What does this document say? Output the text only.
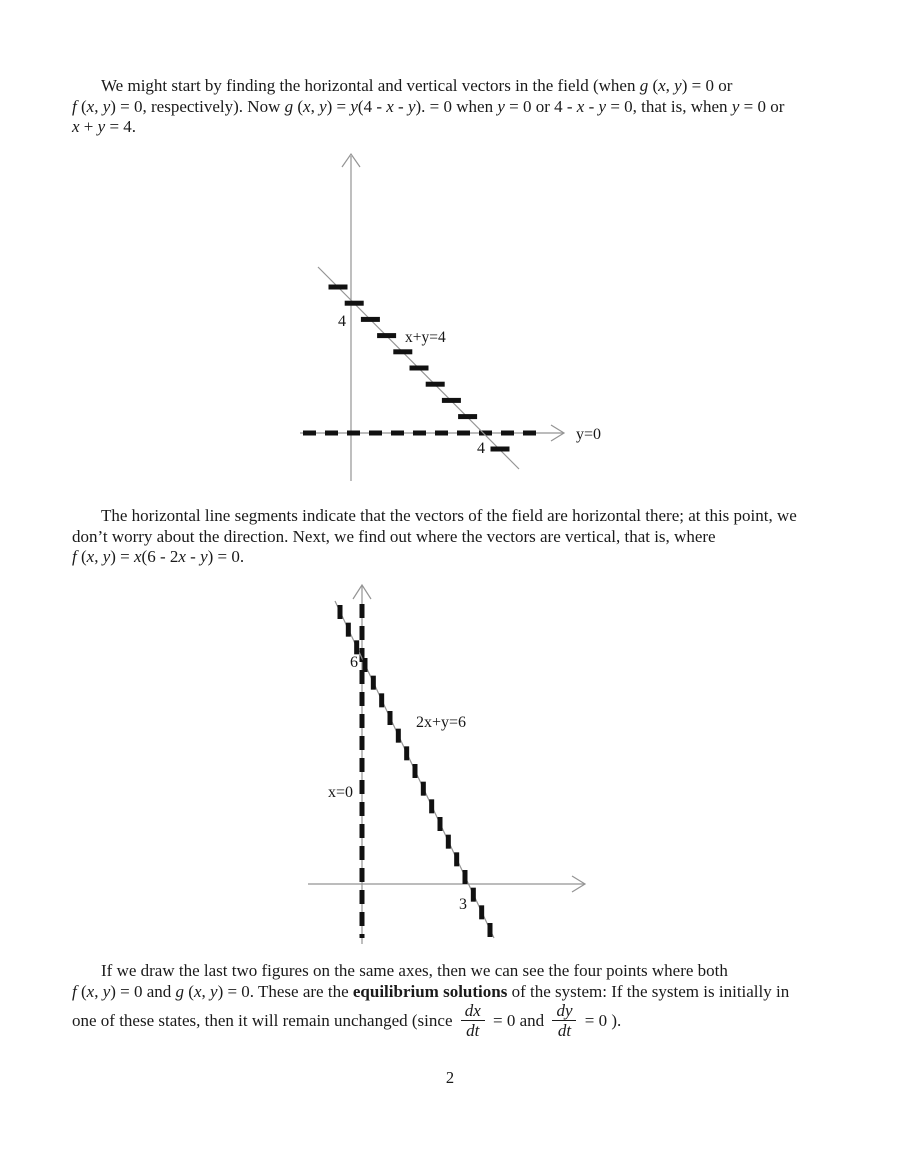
We might start by finding the horizontal and vertical vectors in the field (when g (x, y) = 0 or
f (x, y) = 0, respectively). Now g (x, y) = y(4 - x - y). = 0 when y = 0 or 4 - x - y = 0, that is, when y = 0 or
x + y = 4.
4
4
x+y=4
y=0
The horizontal line segments indicate that the vectors of the field are horizontal there; at this point, we
don’t worry about the direction. Next, we find out where the vectors are vertical, that is, where
f (x, y) = x(6 - 2x - y) = 0.
6
3
2x+y=6
x=0
If we draw the last two figures on the same axes, then we can see the four points where both
f (x, y) = 0 and g (x, y) = 0. These are the equilibrium solutions of the system: If the system is initially in
one of these states, then it will remain unchanged (since $\frac{dx}{dt} = 0$ and $\frac{dy}{dt} = 0$ ).
2
